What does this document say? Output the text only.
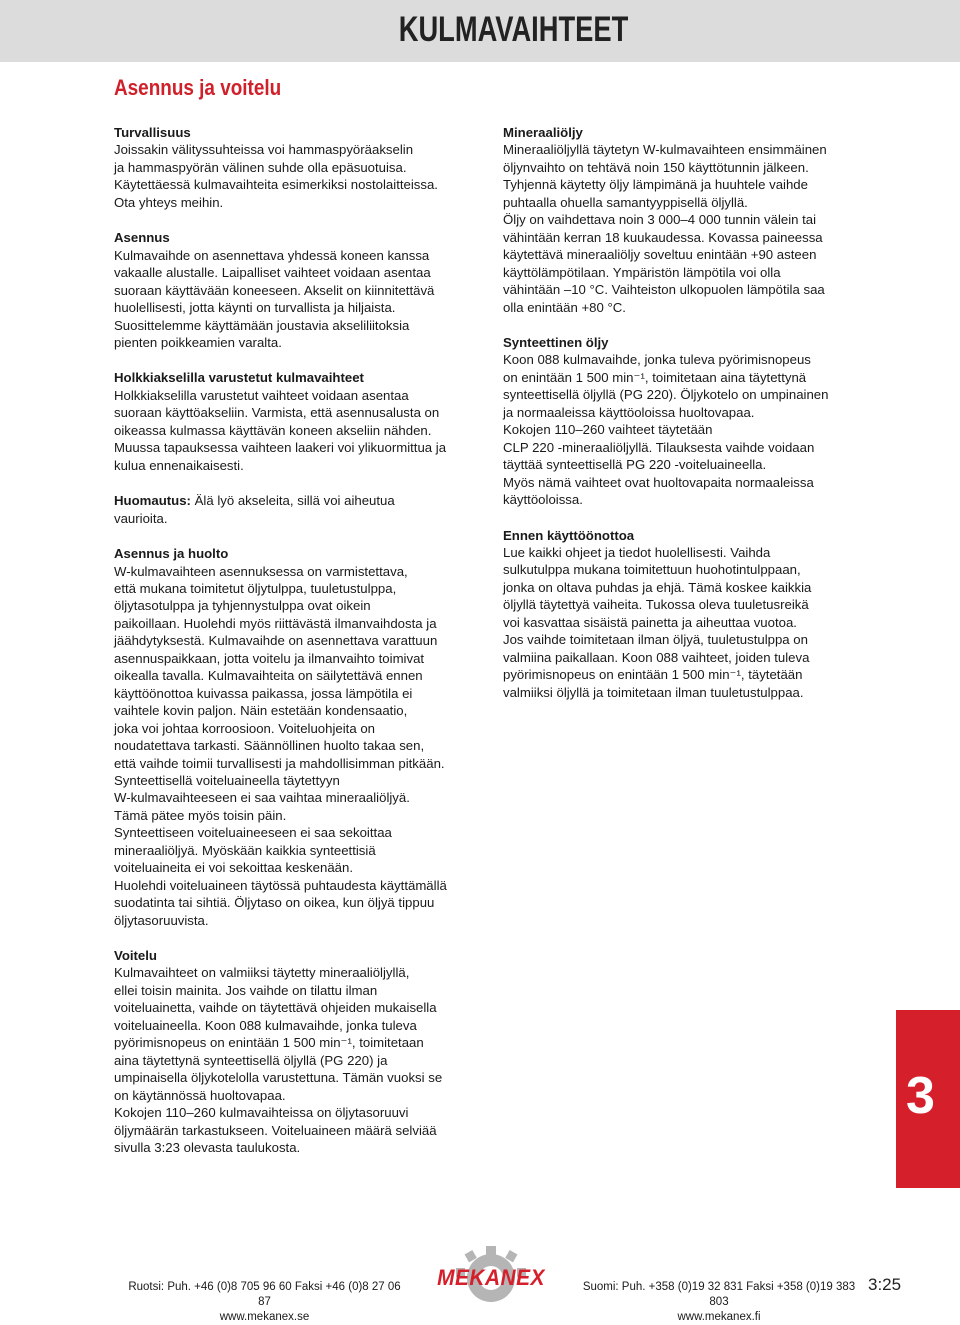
KULMAVAIHTEET
Asennus ja voitelu
Turvallisuus

Joissakin välityssuhteissa voi hammaspyöräakselin
ja hammaspyörän välinen suhde olla epäsuotuisa.
Käytettäessä kulmavaihteita esimerkiksi nostolaitteissa.
Ota yhteys meihin.

Asennus

Kulmavaihde on asennettava yhdessä koneen kanssa
vakaalle alustalle. Laipalliset vaihteet voidaan asentaa
suoraan käyttävään koneeseen. Akselit on kiinnitettävä
huolellisesti, jotta käynti on turvallista ja hiljaista.
Suosittelemme käyttämään joustavia akseliliitoksia
pienten poikkeamien varalta.

Holkkiakselilla varustetut kulmavaihteet

Holkkiakselilla varustetut vaihteet voidaan asentaa
suoraan käyttöakseliin. Varmista, että asennusalusta on
oikeassa kulmassa käyttävän koneen akseliin nähden.
Muussa tapauksessa vaihteen laakeri voi ylikuormittua ja
kulua ennenaikaisesti.

Huomautus: Älä lyö akseleita, sillä voi aiheutua
vaurioita.

Asennus ja huolto

W-kulmavaihteen asennuksessa on varmistettava,
että mukana toimitetut öljytulppa, tuuletustulppa,
öljytasotulppa ja tyhjennystulppa ovat oikein
paikoillaan. Huolehdi myös riittävästä ilmanvaihdosta ja
jäähdytyksestä. Kulmavaihde on asennettava varattuun
asennuspaikkaan, jotta voitelu ja ilmanvaihto toimivat
oikealla tavalla. Kulmavaihteita on säilytettävä ennen
käyttöönottoa kuivassa paikassa, jossa lämpötila ei
vaihtele kovin paljon. Näin estetään kondensaatio,
joka voi johtaa korroosioon. Voiteluohjeita on
noudatettava tarkasti. Säännöllinen huolto takaa sen,
että vaihde toimii turvallisesti ja mahdollisimman pitkään.
Synteettisellä voiteluaineella täytettyyn
W-kulmavaihteeseen ei saa vaihtaa mineraaliöljyä.
Tämä pätee myös toisin päin.
Synteettiseen voiteluaineeseen ei saa sekoittaa
mineraaliöljyä. Myöskään kaikkia synteettisiä
voiteluaineita ei voi sekoittaa keskenään.
Huolehdi voiteluaineen täytössä puhtaudesta käyttämällä
suodatinta tai sihtiä. Öljytaso on oikea, kun öljyä tippuu
öljytasoruuvista.

Voitelu

Kulmavaihteet on valmiiksi täytetty mineraaliöljyllä,
ellei toisin mainita. Jos vaihde on tilattu ilman
voiteluainetta, vaihde on täytettävä ohjeiden mukaisella
voiteluaineella. Koon 088 kulmavaihde, jonka tuleva
pyörimisnopeus on enintään 1 500 min⁻¹, toimitetaan
aina täytettynä synteettisellä öljyllä (PG 220) ja
umpinaisella öljykotelolla varustettuna. Tämän vuoksi se
on käytännössä huoltovapaa.
Kokojen 110–260 kulmavaihteissa on öljytasoruuvi
öljymäärän tarkastukseen. Voiteluaineen määrä selviää
sivulla 3:23 olevasta taulukosta.

Mineraaliöljy

Mineraaliöljyllä täytetyn W-kulmavaihteen ensimmäinen
öljynvaihto on tehtävä noin 150 käyttötunnin jälkeen.
Tyhjennä käytetty öljy lämpimänä ja huuhtele vaihde
puhtaalla ohuella samantyyppisellä öljyllä.
Öljy on vaihdettava noin 3 000–4 000 tunnin välein tai
vähintään kerran 18 kuukaudessa. Kovassa paineessa
käytettävä mineraaliöljy soveltuu enintään +90 asteen
käyttölämpötilaan. Ympäristön lämpötila voi olla
vähintään –10 °C. Vaihteiston ulkopuolen lämpötila saa
olla enintään +80 °C.

Synteettinen öljy

Koon 088 kulmavaihde, jonka tuleva pyörimisnopeus
on enintään 1 500 min⁻¹, toimitetaan aina täytettynä
synteettisellä öljyllä (PG 220). Öljykotelo on umpinainen
ja normaaleissa käyttöoloissa huoltovapaa.
Kokojen 110–260 vaihteet täytetään
CLP 220 -mineraaliöljyllä. Tilauksesta vaihde voidaan
täyttää synteettisellä PG 220 -voiteluaineella.
Myös nämä vaihteet ovat huoltovapaita normaaleissa
käyttöoloissa.

Ennen käyttöönottoa

Lue kaikki ohjeet ja tiedot huolellisesti. Vaihda
sulkutulppa mukana toimitettuun huohotintulppaan,
jonka on oltava puhdas ja ehjä. Tämä koskee kaikkia
öljyllä täytettyä vaiheita. Tukossa oleva tuuletusreikä
voi kasvattaa sisäistä painetta ja aiheuttaa vuotoa.
Jos vaihde toimitetaan ilman öljyä, tuuletustulppa on
valmiina paikallaan. Koon 088 vaihteet, joiden tuleva
pyörimisnopeus on enintään 1 500 min⁻¹, täytetään
valmiiksi öljyllä ja toimitetaan ilman tuuletustulppaa.

3
Ruotsi: Puh. +46 (0)8 705 96 60 Faksi +46 (0)8 27 06 87
www.mekanex.se
MEKANEX	Suomi: Puh. +358 (0)19 32 831 Faksi +358 (0)19 383 803
www.mekanex.fi
3:25
